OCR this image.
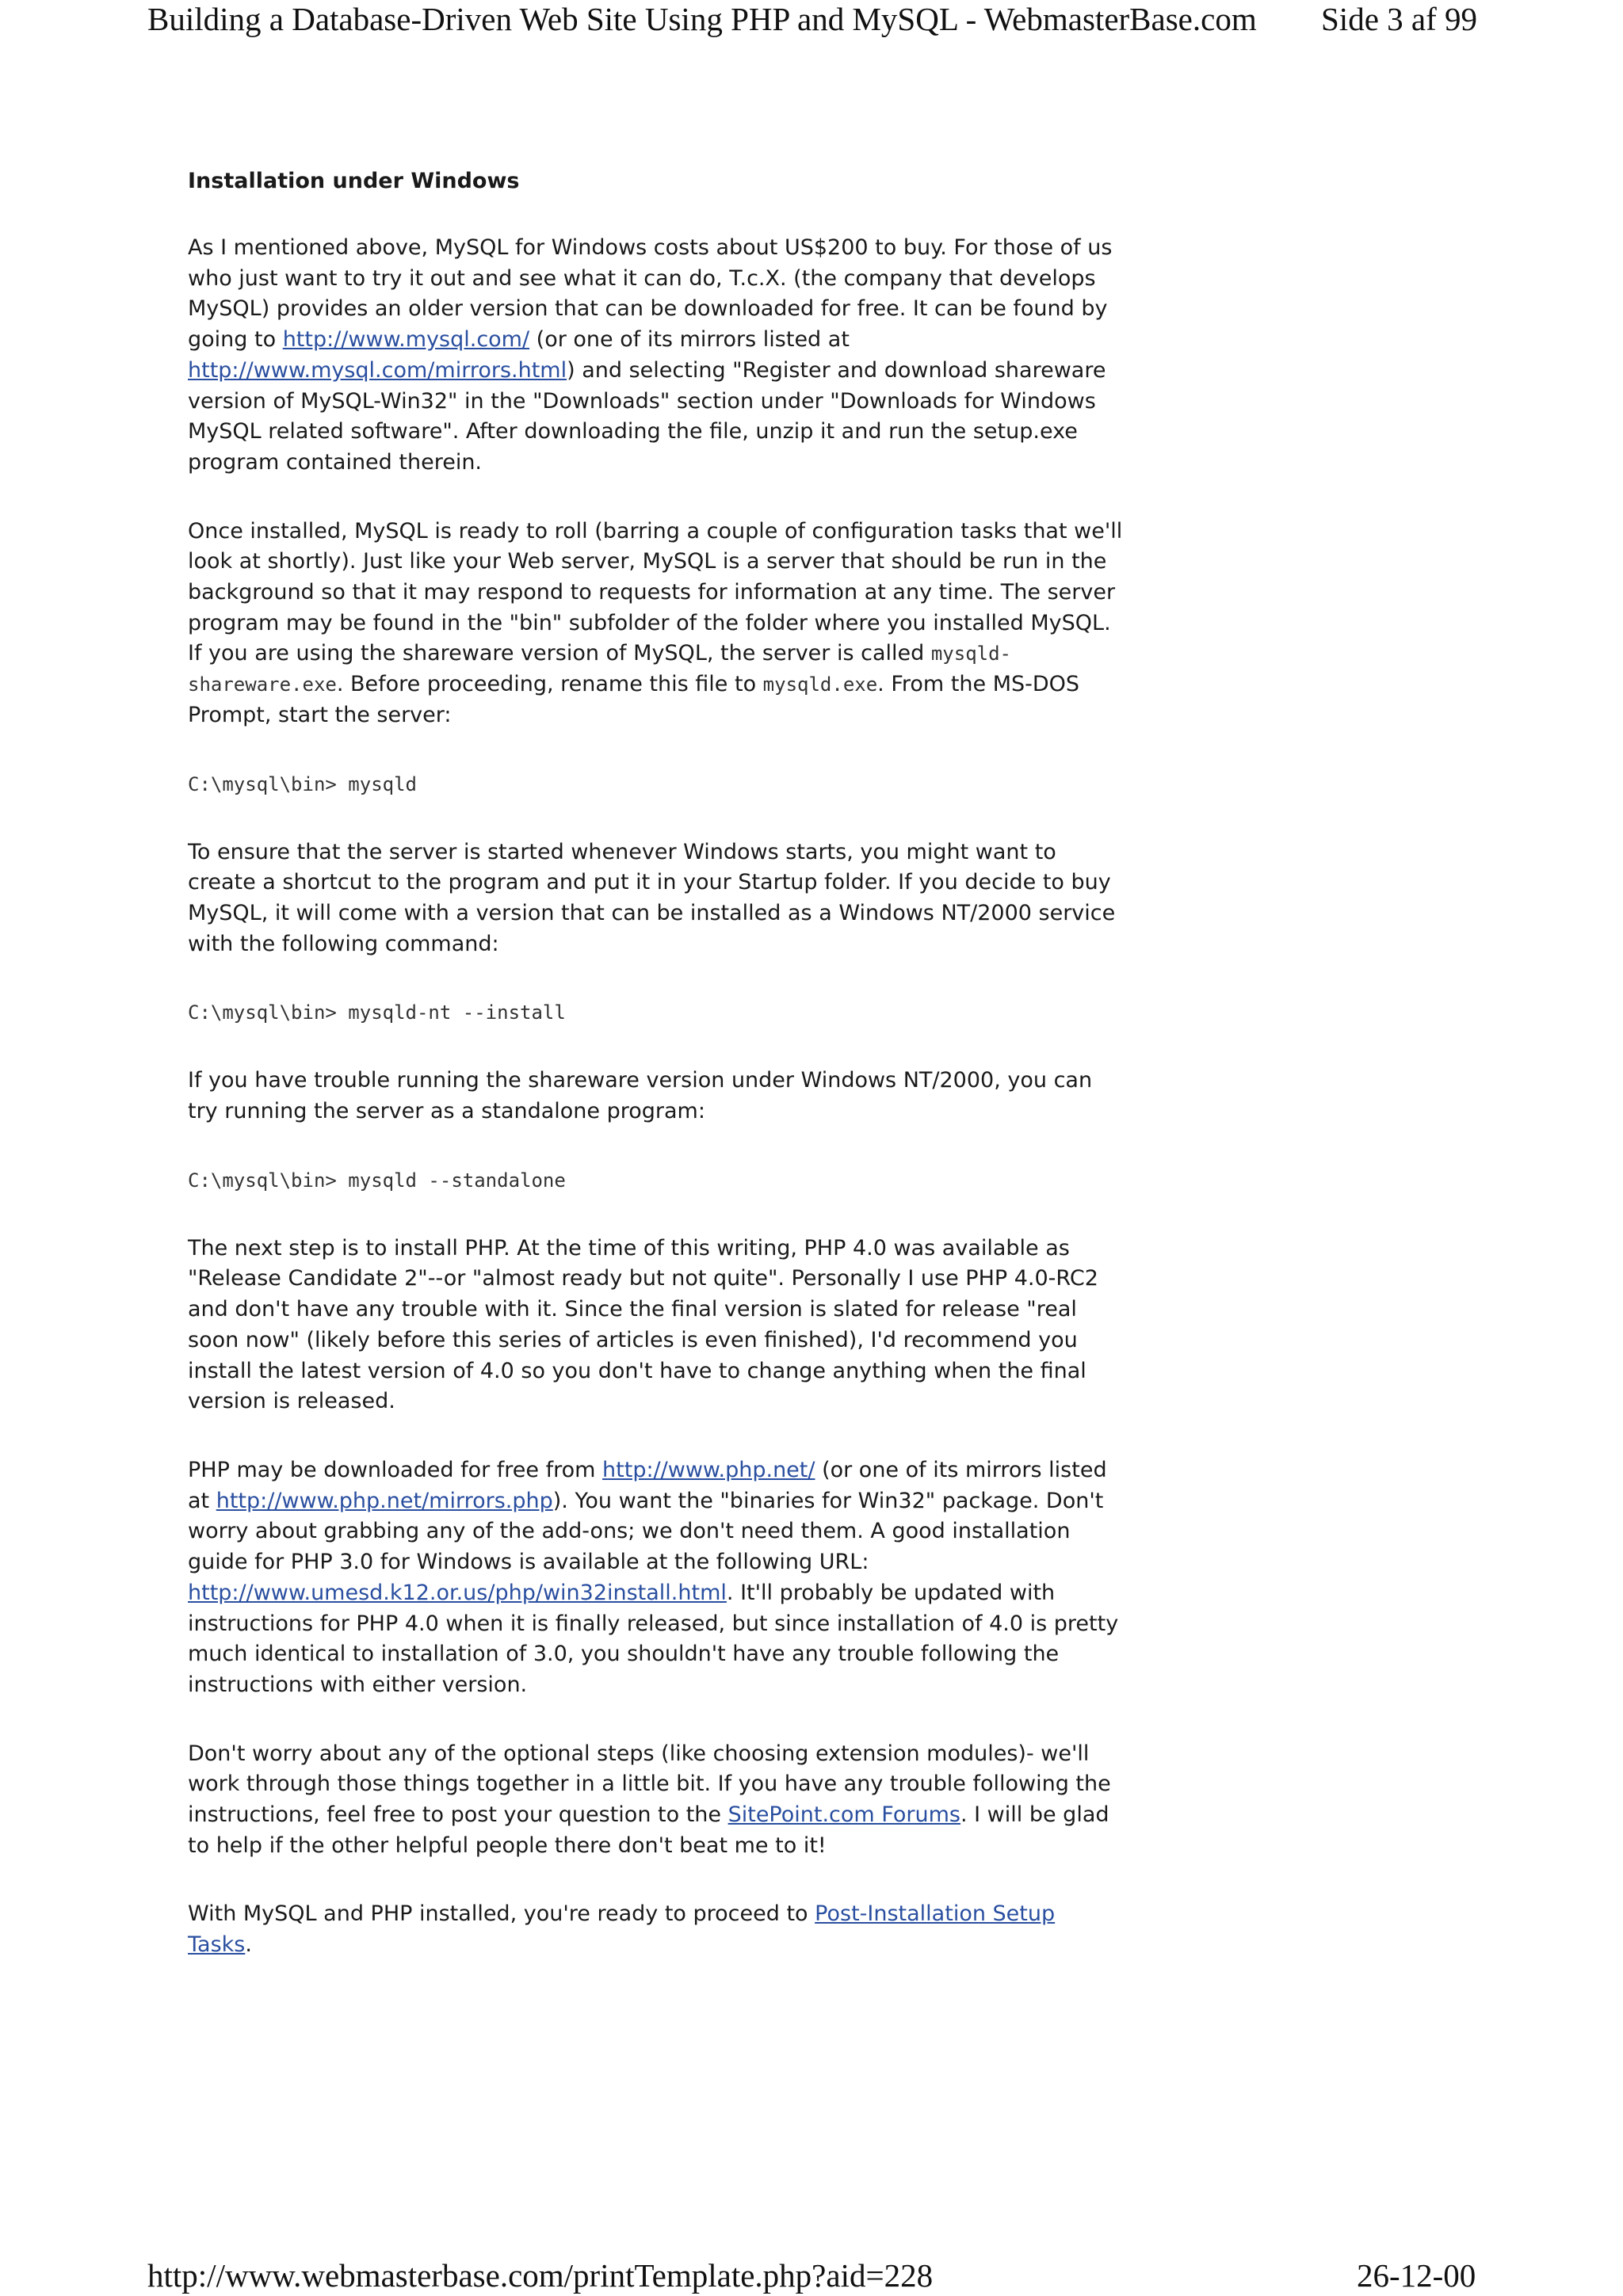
Building a Database-Driven Web Site Using PHP and MySQL - WebmasterBase.com Side 3 af 99
Installation under Windows

As I mentioned above, MySQL for Windows costs about US$200 to buy. For those of us who just want to try it out and see what it can do, T.c.X. (the company that develops MySQL) provides an older version that can be downloaded for free. It can be found by going to http://www.mysql.com/ (or one of its mirrors listed at http://www.mysql.com/mirrors.html) and selecting "Register and download shareware version of MySQL-Win32" in the "Downloads" section under "Downloads for Windows MySQL related software". After downloading the file, unzip it and run the setup.exe program contained therein.

Once installed, MySQL is ready to roll (barring a couple of configuration tasks that we'll look at shortly). Just like your Web server, MySQL is a server that should be run in the background so that it may respond to requests for information at any time. The server program may be found in the "bin" subfolder of the folder where you installed MySQL. If you are using the shareware version of MySQL, the server is called mysqld-shareware.exe. Before proceeding, rename this file to mysqld.exe. From the MS-DOS Prompt, start the server:

C:\mysql\bin> mysqld

To ensure that the server is started whenever Windows starts, you might want to create a shortcut to the program and put it in your Startup folder. If you decide to buy MySQL, it will come with a version that can be installed as a Windows NT/2000 service with the following command:

C:\mysql\bin> mysqld-nt --install

If you have trouble running the shareware version under Windows NT/2000, you can try running the server as a standalone program:

C:\mysql\bin> mysqld --standalone

The next step is to install PHP. At the time of this writing, PHP 4.0 was available as "Release Candidate 2"--or "almost ready but not quite". Personally I use PHP 4.0-RC2 and don't have any trouble with it. Since the final version is slated for release "real soon now" (likely before this series of articles is even finished), I'd recommend you install the latest version of 4.0 so you don't have to change anything when the final version is released.

PHP may be downloaded for free from http://www.php.net/ (or one of its mirrors listed at http://www.php.net/mirrors.php). You want the "binaries for Win32" package. Don't worry about grabbing any of the add-ons; we don't need them. A good installation guide for PHP 3.0 for Windows is available at the following URL: http://www.umesd.k12.or.us/php/win32install.html. It'll probably be updated with instructions for PHP 4.0 when it is finally released, but since installation of 4.0 is pretty much identical to installation of 3.0, you shouldn't have any trouble following the instructions with either version.

Don't worry about any of the optional steps (like choosing extension modules)- we'll work through those things together in a little bit. If you have any trouble following the instructions, feel free to post your question to the SitePoint.com Forums. I will be glad to help if the other helpful people there don't beat me to it!

With MySQL and PHP installed, you're ready to proceed to Post-Installation Setup Tasks.

http://www.webmasterbase.com/printTemplate.php?aid=228	26-12-00
